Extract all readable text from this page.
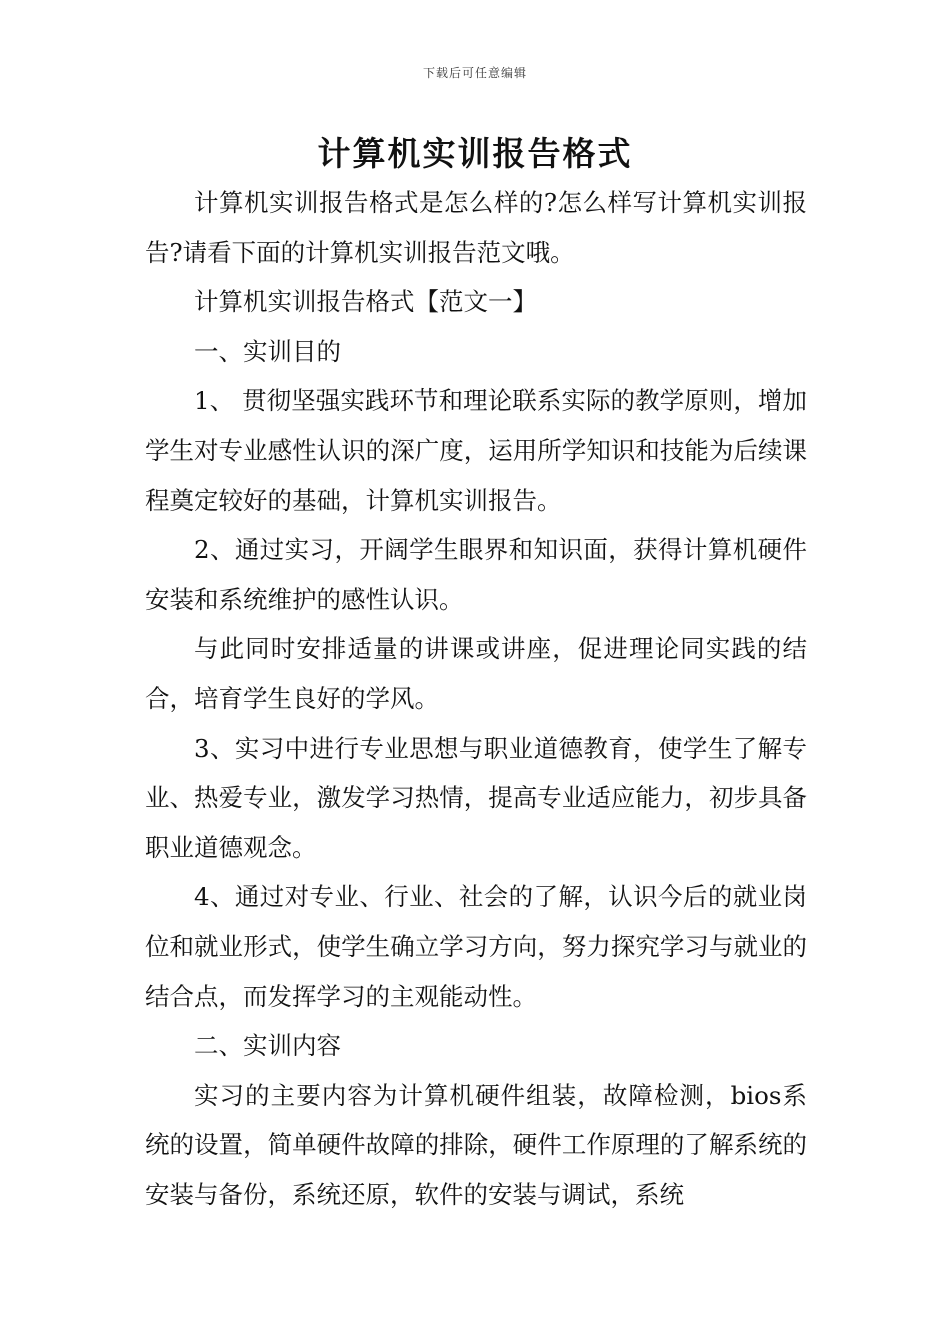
下载后可任意编辑
计算机实训报告格式

计算机实训报告格式是怎么样的?怎么样写计算机实训报告?请看下面的计算机实训报告范文哦。

计算机实训报告格式【范文一】

一、实训目的

1、 贯彻坚强实践环节和理论联系实际的教学原则，增加学生对专业感性认识的深广度，运用所学知识和技能为后续课程奠定较好的基础，计算机实训报告。

2、通过实习，开阔学生眼界和知识面，获得计算机硬件安装和系统维护的感性认识。

与此同时安排适量的讲课或讲座，促进理论同实践的结合，培育学生良好的学风。

3、实习中进行专业思想与职业道德教育，使学生了解专业、热爱专业，激发学习热情，提高专业适应能力，初步具备职业道德观念。

4、通过对专业、行业、社会的了解，认识今后的就业岗位和就业形式，使学生确立学习方向，努力探究学习与就业的结合点，而发挥学习的主观能动性。

二、实训内容

实习的主要内容为计算机硬件组装，故障检测，bios系统的设置，简单硬件故障的排除，硬件工作原理的了解系统的安装与备份，系统还原，软件的安装与调试，系统
